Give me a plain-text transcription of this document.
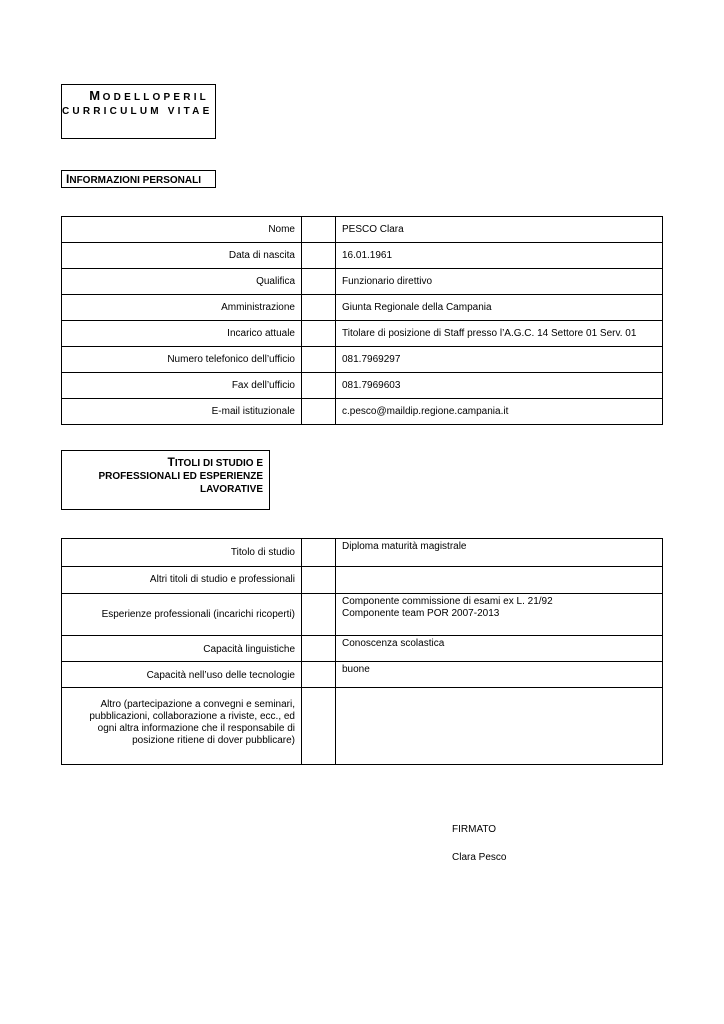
MODELLOPERIL
CURRICULUM VITAE
INFORMAZIONI PERSONALI
Nome		PESCO Clara
Data di nascita		16.01.1961
Qualifica		Funzionario direttivo
Amministrazione		Giunta Regionale della Campania
Incarico attuale		Titolare di posizione di Staff presso l’A.G.C. 14 Settore 01 Serv. 01
Numero telefonico dell’ufficio		081.7969297
Fax dell’ufficio		081.7969603
E-mail istituzionale		c.pesco@maildip.regione.campania.it
TITOLI DI STUDIO E
PROFESSIONALI ED ESPERIENZE
LAVORATIVE
Titolo di studio		Diploma maturità magistrale

Altri titoli di studio e professionali		
Esperienze professionali (incarichi ricoperti)		Componente commissione di esami ex L. 21/92
Componente team POR 2007-2013

Capacità linguistiche		Conoscenza scolastica

Capacità nell’uso delle tecnologie		buone

Altro (partecipazione a convegni e seminari,
pubblicazioni, collaborazione a riviste, ecc., ed
ogni altra informazione che il responsabile di
posizione ritiene di dover pubblicare)		

FIRMATO
Clara Pesco
